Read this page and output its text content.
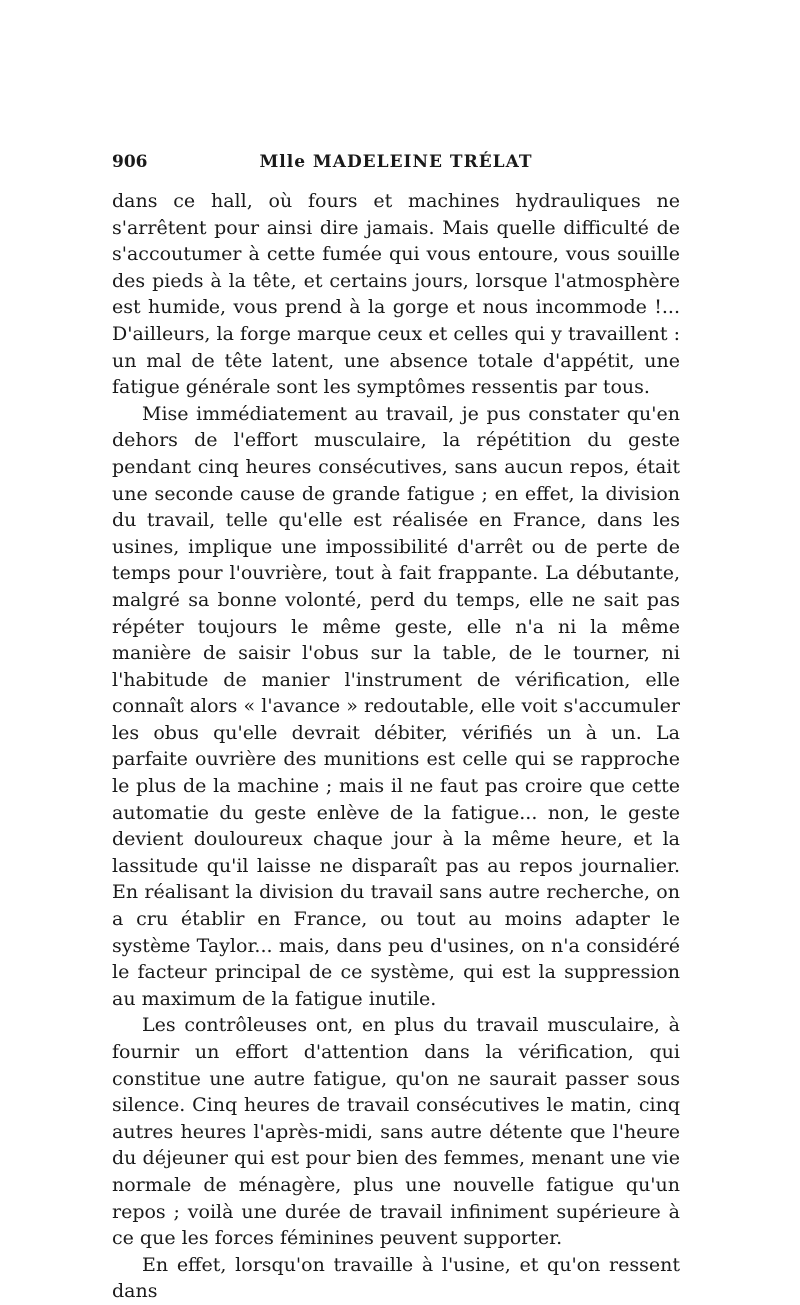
906	Mlle MADELEINE TRÉLAT

dans ce hall, où fours et machines hydrauliques ne s'arrêtent pour ainsi dire jamais. Mais quelle difficulté de s'accoutumer à cette fumée qui vous entoure, vous souille des pieds à la tête, et certains jours, lorsque l'atmosphère est humide, vous prend à la gorge et nous incommode !... D'ailleurs, la forge marque ceux et celles qui y travaillent : un mal de tête latent, une absence totale d'appétit, une fatigue générale sont les symptômes ressentis par tous.

Mise immédiatement au travail, je pus constater qu'en dehors de l'effort musculaire, la répétition du geste pendant cinq heures consécutives, sans aucun repos, était une seconde cause de grande fatigue ; en effet, la division du travail, telle qu'elle est réalisée en France, dans les usines, implique une impossibilité d'arrêt ou de perte de temps pour l'ouvrière, tout à fait frappante. La débutante, malgré sa bonne volonté, perd du temps, elle ne sait pas répéter toujours le même geste, elle n'a ni la même manière de saisir l'obus sur la table, de le tourner, ni l'habitude de manier l'instrument de vérification, elle connaît alors « l'avance » redoutable, elle voit s'accumuler les obus qu'elle devrait débiter, vérifiés un à un. La parfaite ouvrière des munitions est celle qui se rapproche le plus de la machine ; mais il ne faut pas croire que cette automatie du geste enlève de la fatigue... non, le geste devient douloureux chaque jour à la même heure, et la lassitude qu'il laisse ne disparaît pas au repos journalier. En réalisant la division du travail sans autre recherche, on a cru établir en France, ou tout au moins adapter le système Taylor... mais, dans peu d'usines, on n'a considéré le facteur principal de ce système, qui est la suppression au maximum de la fatigue inutile.

Les contrôleuses ont, en plus du travail musculaire, à fournir un effort d'attention dans la vérification, qui constitue une autre fatigue, qu'on ne saurait passer sous silence. Cinq heures de travail consécutives le matin, cinq autres heures l'après-midi, sans autre détente que l'heure du déjeuner qui est pour bien des femmes, menant une vie normale de ménagère, plus une nouvelle fatigue qu'un repos ; voilà une durée de travail infiniment supérieure à ce que les forces féminines peuvent supporter.

En effet, lorsqu'on travaille à l'usine, et qu'on ressent dans
